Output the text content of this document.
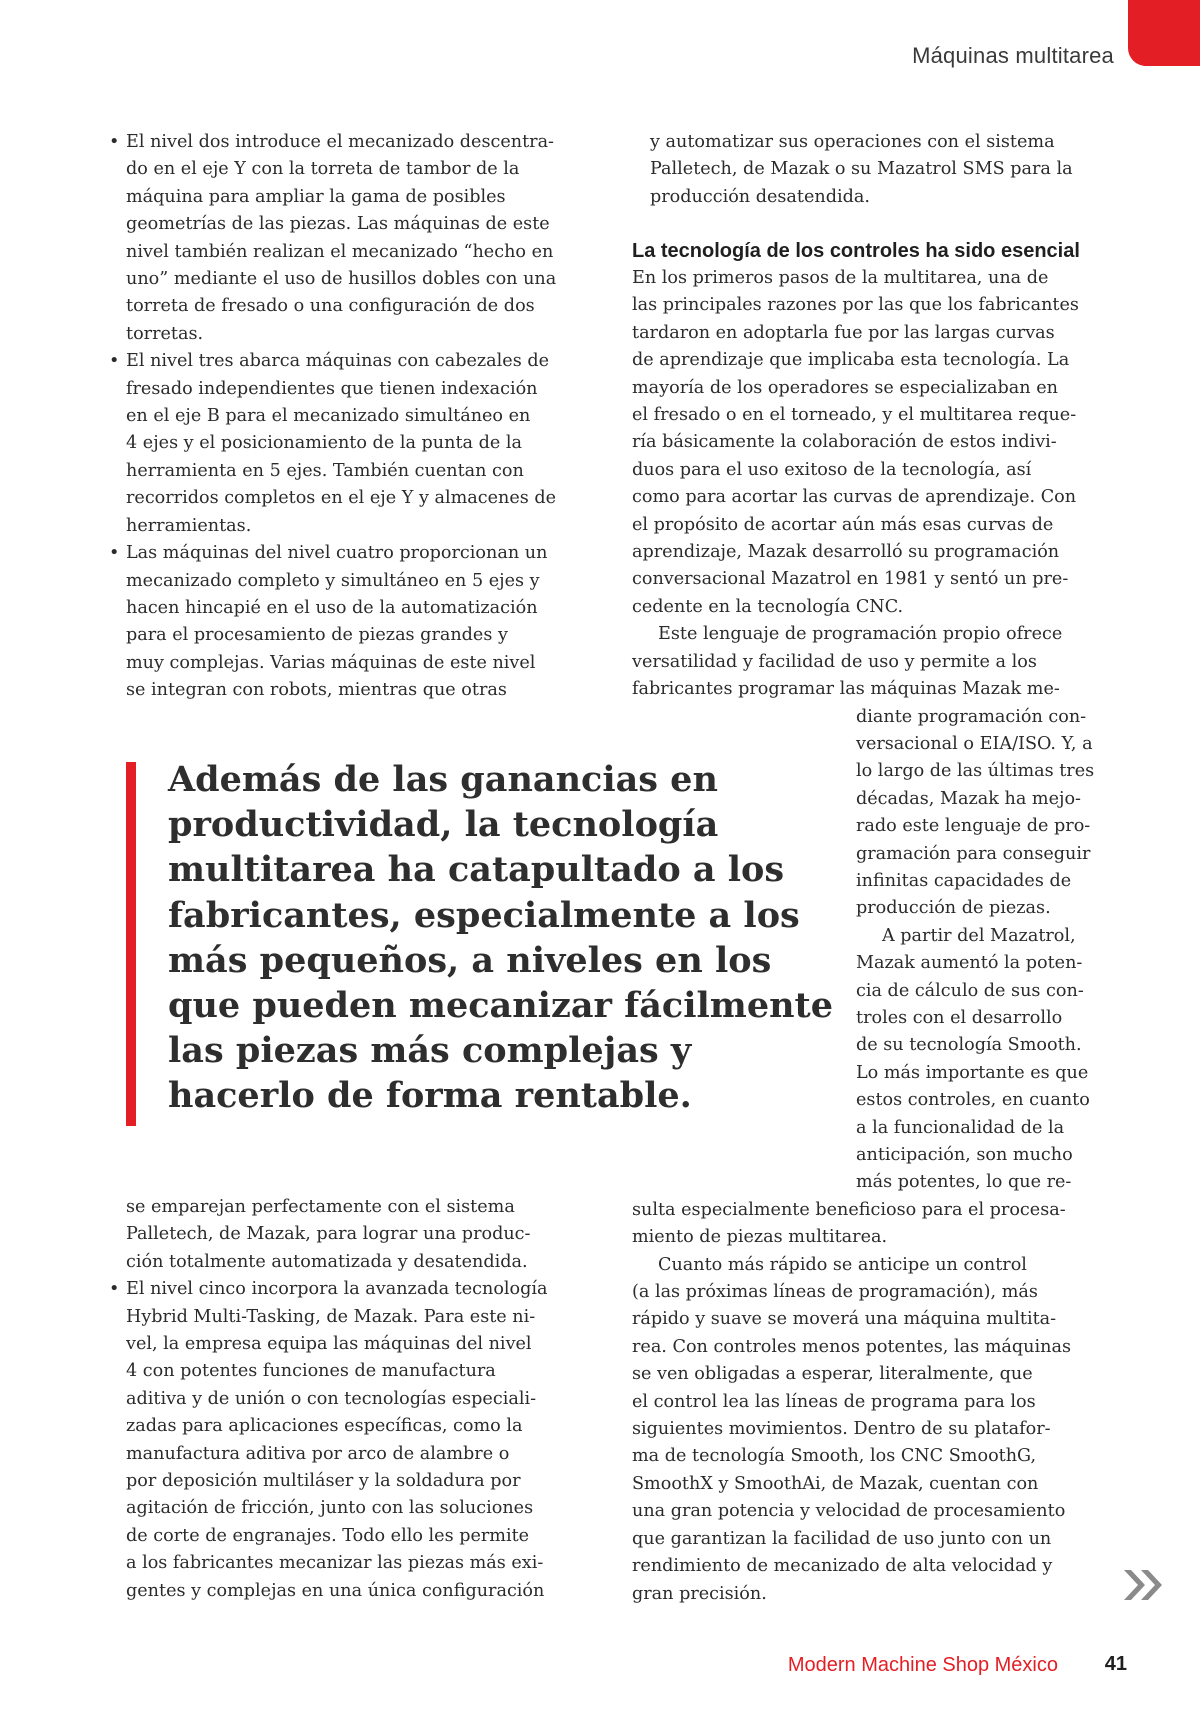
Máquinas multitarea
• El nivel dos introduce el mecanizado descentra-
do en el eje Y con la torreta de tambor de la
máquina para ampliar la gama de posibles
geometrías de las piezas. Las máquinas de este
nivel también realizan el mecanizado “hecho en
uno” mediante el uso de husillos dobles con una
torreta de fresado o una configuración de dos
torretas.
• El nivel tres abarca máquinas con cabezales de
fresado independientes que tienen indexación
en el eje B para el mecanizado simultáneo en
4 ejes y el posicionamiento de la punta de la
herramienta en 5 ejes. También cuentan con
recorridos completos en el eje Y y almacenes de
herramientas.
• Las máquinas del nivel cuatro proporcionan un
mecanizado completo y simultáneo en 5 ejes y
hacen hincapié en el uso de la automatización
para el procesamiento de piezas grandes y
muy complejas. Varias máquinas de este nivel
se integran con robots, mientras que otras
Además de las ganancias en
productividad, la tecnología
multitarea ha catapultado a los
fabricantes, especialmente a los
más pequeños, a niveles en los
que pueden mecanizar fácilmente
las piezas más complejas y
hacerlo de forma rentable.
se emparejan perfectamente con el sistema
Palletech, de Mazak, para lograr una produc-
ción totalmente automatizada y desatendida.
• El nivel cinco incorpora la avanzada tecnología
Hybrid Multi-Tasking, de Mazak. Para este ni-
vel, la empresa equipa las máquinas del nivel
4 con potentes funciones de manufactura
aditiva y de unión o con tecnologías especiali-
zadas para aplicaciones específicas, como la
manufactura aditiva por arco de alambre o
por deposición multiláser y la soldadura por
agitación de fricción, junto con las soluciones
de corte de engranajes. Todo ello les permite
a los fabricantes mecanizar las piezas más exi-
gentes y complejas en una única configuración
y automatizar sus operaciones con el sistema
Palletech, de Mazak o su Mazatrol SMS para la
producción desatendida.
La tecnología de los controles ha sido esencial
En los primeros pasos de la multitarea, una de
las principales razones por las que los fabricantes
tardaron en adoptarla fue por las largas curvas
de aprendizaje que implicaba esta tecnología. La
mayoría de los operadores se especializaban en
el fresado o en el torneado, y el multitarea reque-
ría básicamente la colaboración de estos indivi-
duos para el uso exitoso de la tecnología, así
como para acortar las curvas de aprendizaje. Con
el propósito de acortar aún más esas curvas de
aprendizaje, Mazak desarrolló su programación
conversacional Mazatrol en 1981 y sentó un pre-
cedente en la tecnología CNC.
Este lenguaje de programación propio ofrece
versatilidad y facilidad de uso y permite a los
fabricantes programar las máquinas Mazak me-
diante programación con-
versacional o EIA/ISO. Y, a
lo largo de las últimas tres
décadas, Mazak ha mejo-
rado este lenguaje de pro-
gramación para conseguir
infinitas capacidades de
producción de piezas.
A partir del Mazatrol,
Mazak aumentó la poten-
cia de cálculo de sus con-
troles con el desarrollo
de su tecnología Smooth.
Lo más importante es que
estos controles, en cuanto
a la funcionalidad de la
anticipación, son mucho
más potentes, lo que re-
sulta especialmente beneficioso para el procesa-
miento de piezas multitarea.
Cuanto más rápido se anticipe un control
(a las próximas líneas de programación), más
rápido y suave se moverá una máquina multita-
rea. Con controles menos potentes, las máquinas
se ven obligadas a esperar, literalmente, que
el control lea las líneas de programa para los
siguientes movimientos. Dentro de su platafor-
ma de tecnología Smooth, los CNC SmoothG,
SmoothX y SmoothAi, de Mazak, cuentan con
una gran potencia y velocidad de procesamiento
que garantizan la facilidad de uso junto con un
rendimiento de mecanizado de alta velocidad y
gran precisión.
Modern Machine Shop México 41
